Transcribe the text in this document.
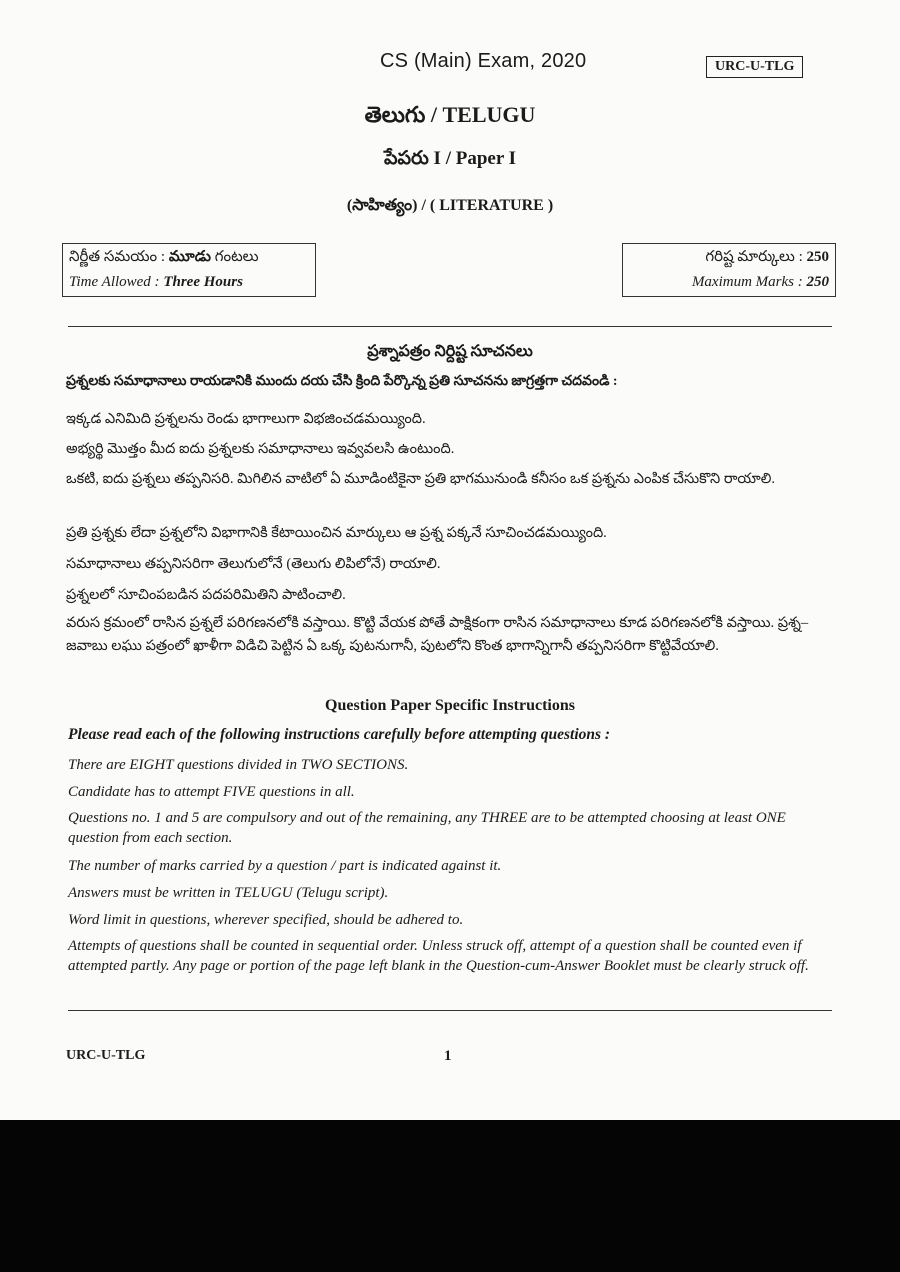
CS (Main) Exam, 2020	URC-U-TLG
తెలుగు / TELUGU
పేపరు I / Paper I
(సాహిత్యం) / ( LITERATURE )
నిర్ణీత సమయం : మూడు గంటలు
Time Allowed : Three Hours
గరిష్ట మార్కులు : 250
Maximum Marks : 250
ప్రశ్నాపత్రం నిర్దిష్ట సూచనలు
ప్రశ్నలకు సమాధానాలు రాయడానికి ముందు దయ చేసి క్రింది పేర్కొన్న ప్రతి సూచనను జాగ్రత్తగా చదవండి :
ఇక్కడ ఎనిమిది ప్రశ్నలను రెండు భాగాలుగా విభజించడమయ్యింది.
అభ్యర్థి మొత్తం మీద ఐదు ప్రశ్నలకు సమాధానాలు ఇవ్వవలసి ఉంటుంది.
ఒకటి, ఐదు ప్రశ్నలు తప్పనిసరి. మిగిలిన వాటిలో ఏ మూడింటికైనా ప్రతి భాగమునుండి కనీసం ఒక ప్రశ్నను ఎంపిక చేసుకొని రాయాలి.
ప్రతి ప్రశ్నకు లేదా ప్రశ్నలోని విభాగానికి కేటాయించిన మార్కులు ఆ ప్రశ్న పక్కనే సూచించడమయ్యింది.
సమాధానాలు తప్పనిసరిగా తెలుగులోనే (తెలుగు లిపిలోనే) రాయాలి.
ప్రశ్నలలో సూచింపబడిన పదపరిమితిని పాటించాలి.
వరుస క్రమంలో రాసిన ప్రశ్నలే పరిగణనలోకి వస్తాయి. కొట్టి వేయక పోతే పాక్షికంగా రాసిన సమాధానాలు కూడ పరిగణనలోకి వస్తాయి. ప్రశ్న–జవాబు లఘు పత్రంలో ఖాళీగా విడిచి పెట్టిన ఏ ఒక్క పుటనుగానీ, పుటలోని కొంత భాగాన్నిగానీ తప్పనిసరిగా కొట్టివేయాలి.
Question Paper Specific Instructions
Please read each of the following instructions carefully before attempting questions :
There are EIGHT questions divided in TWO SECTIONS.
Candidate has to attempt FIVE questions in all.
Questions no. 1 and 5 are compulsory and out of the remaining, any THREE are to be attempted choosing at least ONE question from each section.
The number of marks carried by a question / part is indicated against it.
Answers must be written in TELUGU (Telugu script).
Word limit in questions, wherever specified, should be adhered to.
Attempts of questions shall be counted in sequential order. Unless struck off, attempt of a question shall be counted even if attempted partly. Any page or portion of the page left blank in the Question-cum-Answer Booklet must be clearly struck off.
URC-U-TLG	1
